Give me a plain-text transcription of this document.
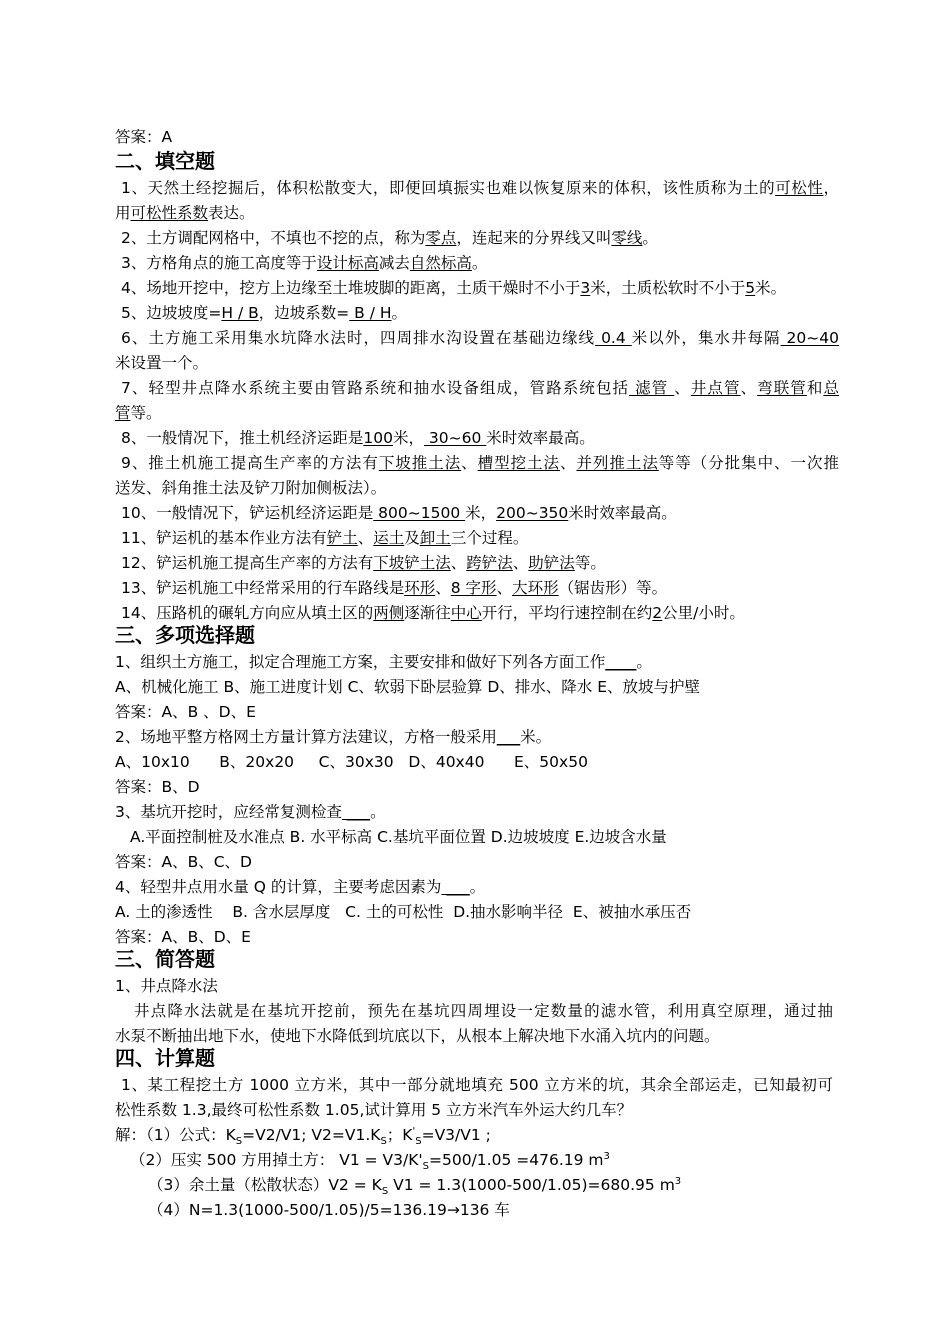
答案：A
二、填空题
1、天然土经挖掘后，体积松散变大，即便回填振实也难以恢复原来的体积，该性质称为土的可松性，
用可松性系数表达。
2、土方调配网格中，不填也不挖的点，称为零点，连起来的分界线又叫零线。
3、方格角点的施工高度等于设计标高减去自然标高。
4、场地开挖中，挖方上边缘至土堆坡脚的距离，土质干燥时不小于3米，土质松软时不小于5米。
5、边坡坡度=H / B，边坡系数= B / H。
6、土方施工采用集水坑降水法时，四周排水沟设置在基础边缘线 0.4 米以外，集水井每隔 20~40
米设置一个。
7、轻型井点降水系统主要由管路系统和抽水设备组成，管路系统包括 滤管 、井点管、弯联管和总
管等。
8、一般情况下，推土机经济运距是100米， 30~60 米时效率最高。
9、推土机施工提高生产率的方法有下坡推土法、槽型挖土法、并列推土法等等（分批集中、一次推
送发、斜角推土法及铲刀附加侧板法）。
10、一般情况下，铲运机经济运距是 800~1500 米，200~350米时效率最高。
11、铲运机的基本作业方法有铲土、运土及卸土三个过程。
12、铲运机施工提高生产率的方法有下坡铲土法、跨铲法、助铲法等。
13、铲运机施工中经常采用的行车路线是环形、8 字形、大环形（锯齿形）等。
14、压路机的碾轧方向应从填土区的两侧逐渐往中心开行，平均行速控制在约2公里/小时。
三、多项选择题
1、组织土方施工，拟定合理施工方案，主要安排和做好下列各方面工作____。
A、机械化施工 B、施工进度计划 C、软弱下卧层验算 D、排水、降水 E、放坡与护壁
答案：A、B 、D、E
2、场地平整方格网土方量计算方法建议，方格一般采用___米。
A、10x10      B、20x20     C、30x30   D、40x40      E、50x50
答案：B、D
3、基坑开挖时，应经常复测检查 ___。
A.平面控制桩及水准点 B. 水平标高 C.基坑平面位置 D.边坡坡度 E.边坡含水量
答案：A、B、C、D
4、轻型井点用水量 Q 的计算，主要考虑因素为 ___。
A. 土的渗透性    B. 含水层厚度   C. 土的可松性  D.抽水影响半径  E、被抽水承压否
答案：A、B、D、E
三、简答题
1、井点降水法
井点降水法就是在基坑开挖前，预先在基坑四周埋设一定数量的滤水管，利用真空原理，通过抽
水泵不断抽出地下水，使地下水降低到坑底以下，从根本上解决地下水涌入坑内的问题。
四、计算题
1、某工程挖土方 1000 立方米，其中一部分就地填充 500 立方米的坑，其余全部运走，已知最初可
松性系数 1.3,最终可松性系数 1.05,试计算用 5 立方米汽车外运大约几车？
解：（1）公式：$K_S=V2/V1$; $V2=V1.K_S$；$K'_S=V3/V1$ ;
（2）压实 500 方用掉土方： $V1 = V3/K'_S=500/1.05 =476.19$ $m^3$
（3）余土量（松散状态）$V2 = K_S$ V1 = 1.3(1000-500/1.05)=680.95 $m^3$
（4）N=1.3(1000-500/1.05)/5=136.19→136 车
